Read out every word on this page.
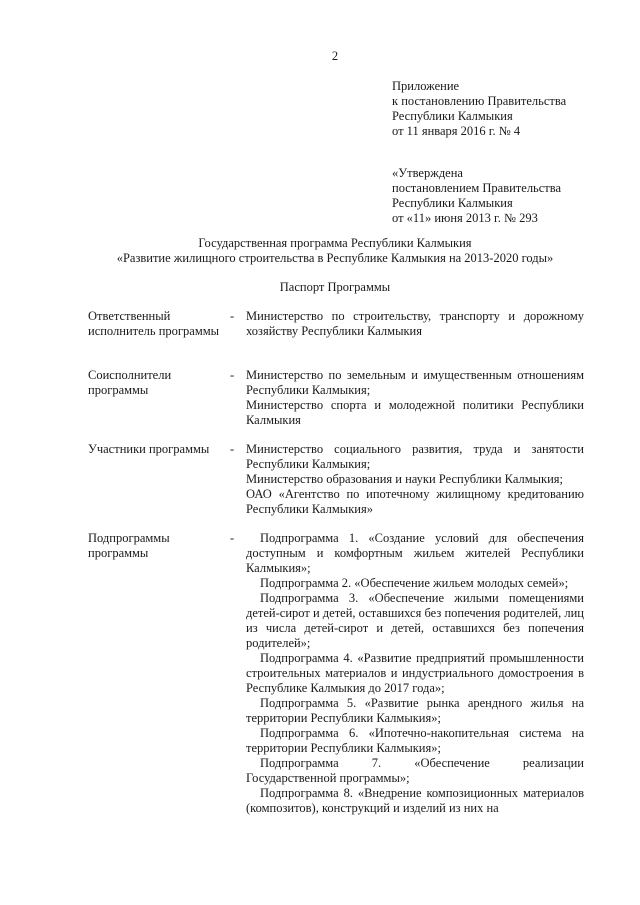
2
Приложение
к постановлению Правительства
Республики Калмыкия
от 11 января 2016 г. № 4
«Утверждена
постановлением Правительства
Республики Калмыкия
от «11» июня 2013 г. № 293
Государственная программа Республики Калмыкия
«Развитие жилищного строительства в Республике Калмыкия на 2013-2020 годы»
Паспорт Программы
Ответственный исполнитель программы
- Министерство по строительству, транспорту и дорожному хозяйству Республики Калмыкия

Соисполнители программы
- Министерство по земельным и имущественным отношениям Республики Калмыкия;

Министерство спорта и молодежной политики Республики Калмыкия

Участники программы	- Министерство социального развития, труда и занятости Республики Калмыкия;

Министерство образования и науки Республики Калмыкия;

ОАО «Агентство по ипотечному жилищному кредитованию Республики Калмыкия»

Подпрограммы программы
-	Подпрограмма 1. «Создание условий для обеспечения доступным и комфортным жильем жителей Республики Калмыкия»;

Подпрограмма 2. «Обеспечение жильем молодых семей»;

Подпрограмма 3. «Обеспечение жилыми помещениями детей-сирот и детей, оставшихся без попечения родителей, лиц из числа детей-сирот и детей, оставшихся без попечения родителей»;

Подпрограмма 4. «Развитие предприятий промышленности строительных материалов и индустриального домостроения в Республике Калмыкия до 2017 года»;

Подпрограмма 5. «Развитие рынка арендного жилья на территории Республики Калмыкия»;

Подпрограмма 6. «Ипотечно-накопительная система на территории Республики Калмыкия»;

Подпрограмма 7. «Обеспечение реализации Государственной программы»;

Подпрограмма 8. «Внедрение композиционных материалов (композитов), конструкций и изделий из них на
